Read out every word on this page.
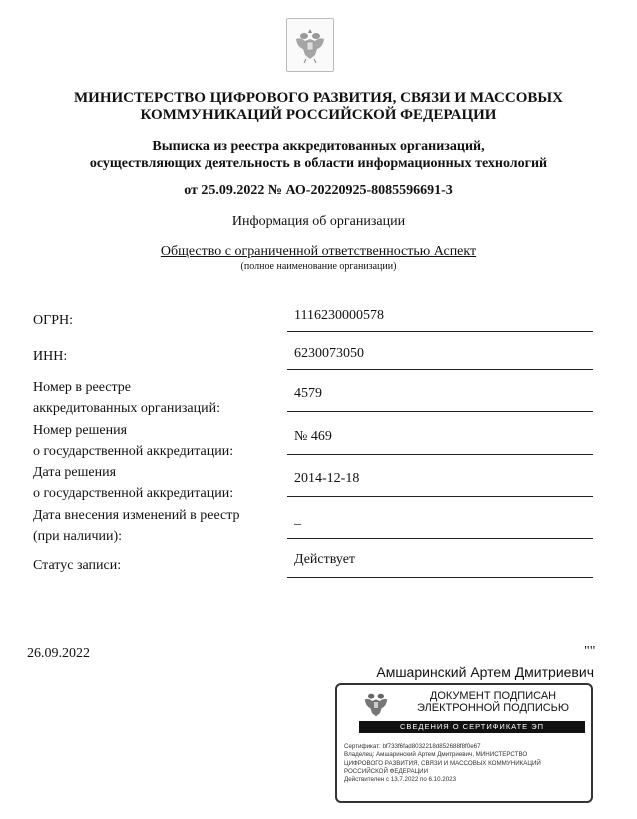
МИНИСТЕРСТВО ЦИФРОВОГО РАЗВИТИЯ, СВЯЗИ И МАССОВЫХ
КОММУНИКАЦИЙ РОССИЙСКОЙ ФЕДЕРАЦИИ
Выписка из реестра аккредитованных организаций,
осуществляющих деятельность в области информационных технологий
от 25.09.2022 № АО-20220925-8085596691-3
Информация об организации
Общество с ограниченной ответственностью Аспект
(полное наименование организации)
ОГРН:	1116230000578
ИНН:	6230073050
Номер в реестре
аккредитованных организаций:
4579
Номер решения
о государственной аккредитации:
№ 469
Дата решения
о государственной аккредитации:
2014-12-18
Дата внесения изменений в реестр
(при наличии):
_
Статус записи:	Действует
26.09.2022	""
Амшаринский Артем Дмитриевич
ДОКУМЕНТ ПОДПИСАН
ЭЛЕКТРОННОЙ ПОДПИСЬЮ
СВЕДЕНИЯ О СЕРТИФИКАТЕ ЭП
Сертификат: bf733f6fad8032218d852688f8f0e67
Владелец: Амшаринский Артем Дмитриевич, МИНИСТЕРСТВО
ЦИФРОВОГО РАЗВИТИЯ, СВЯЗИ И МАССОВЫХ КОММУНИКАЦИЙ
РОССИЙСКОЙ ФЕДЕРАЦИИ
Действителен с 13.7.2022 по 6.10.2023
